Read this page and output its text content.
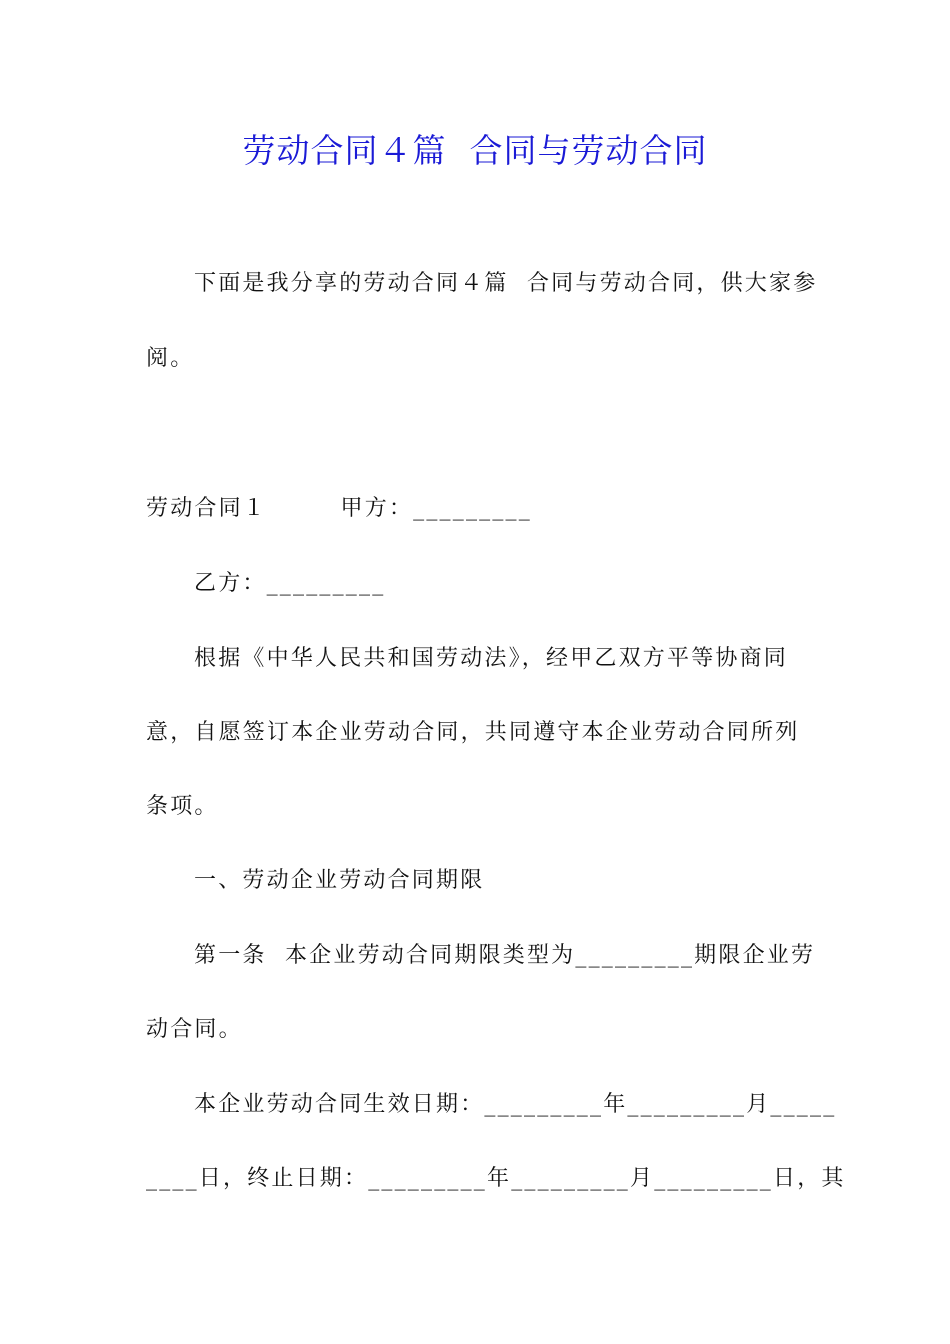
劳动合同４篇  合同与劳动合同
下面是我分享的劳动合同４篇  合同与劳动合同，供大家参
阅。
劳动合同１        甲方：_________
乙方：_________
根据《中华人民共和国劳动法》，经甲乙双方平等协商同
意，自愿签订本企业劳动合同，共同遵守本企业劳动合同所列
条项。
一、劳动企业劳动合同期限
第一条  本企业劳动合同期限类型为_________期限企业劳
动合同。
本企业劳动合同生效日期：_________年_________月_____
____日，终止日期：_________年_________月_________日，其
